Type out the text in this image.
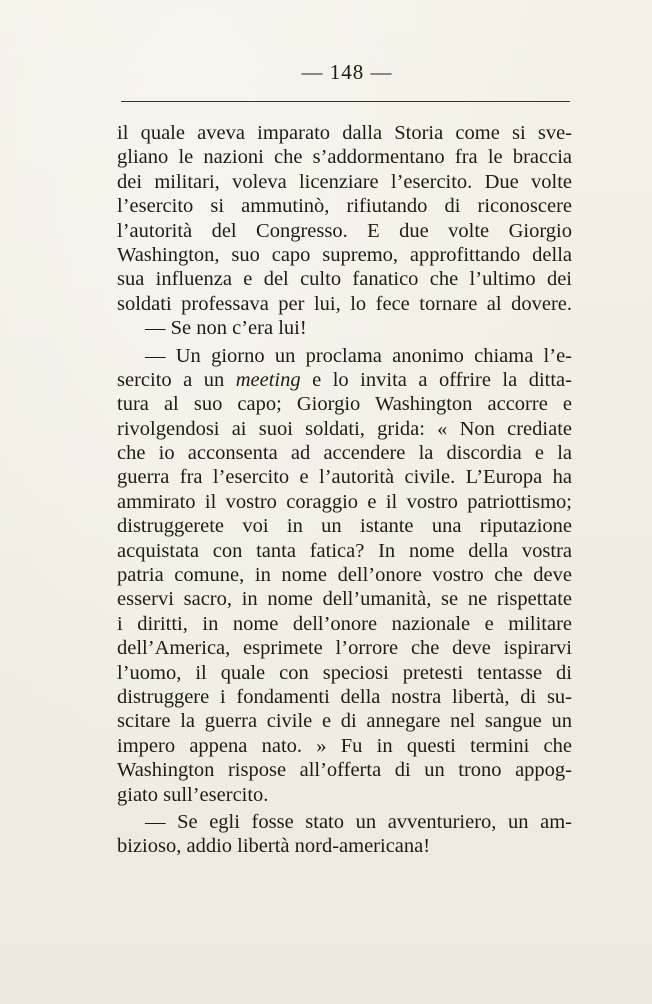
— 148 —
il quale aveva imparato dalla Storia come si sve-
gliano le nazioni che s’addormentano fra le braccia
dei militari, voleva licenziare l’esercito. Due volte
l’esercito si ammutinò, rifiutando di riconoscere
l’autorità del Congresso. E due volte Giorgio
Washington, suo capo supremo, approfittando della
sua influenza e del culto fanatico che l’ultimo dei
soldati professava per lui, lo fece tornare al dovere.
— Se non c’era lui!
— Un giorno un proclama anonimo chiama l’e-
sercito a un meeting e lo invita a offrire la ditta-
tura al suo capo; Giorgio Washington accorre e
rivolgendosi ai suoi soldati, grida: « Non crediate
che io acconsenta ad accendere la discordia e la
guerra fra l’esercito e l’autorità civile. L’Europa ha
ammirato il vostro coraggio e il vostro patriottismo;
distruggerete voi in un istante una riputazione
acquistata con tanta fatica? In nome della vostra
patria comune, in nome dell’onore vostro che deve
esservi sacro, in nome dell’umanità, se ne rispettate
i diritti, in nome dell’onore nazionale e militare
dell’America, esprimete l’orrore che deve ispirarvi
l’uomo, il quale con speciosi pretesti tentasse di
distruggere i fondamenti della nostra libertà, di su-
scitare la guerra civile e di annegare nel sangue un
impero appena nato. » Fu in questi termini che
Washington rispose all’offerta di un trono appog-
giato sull’esercito.
— Se egli fosse stato un avventuriero, un am-
bizioso, addio libertà nord-americana!
